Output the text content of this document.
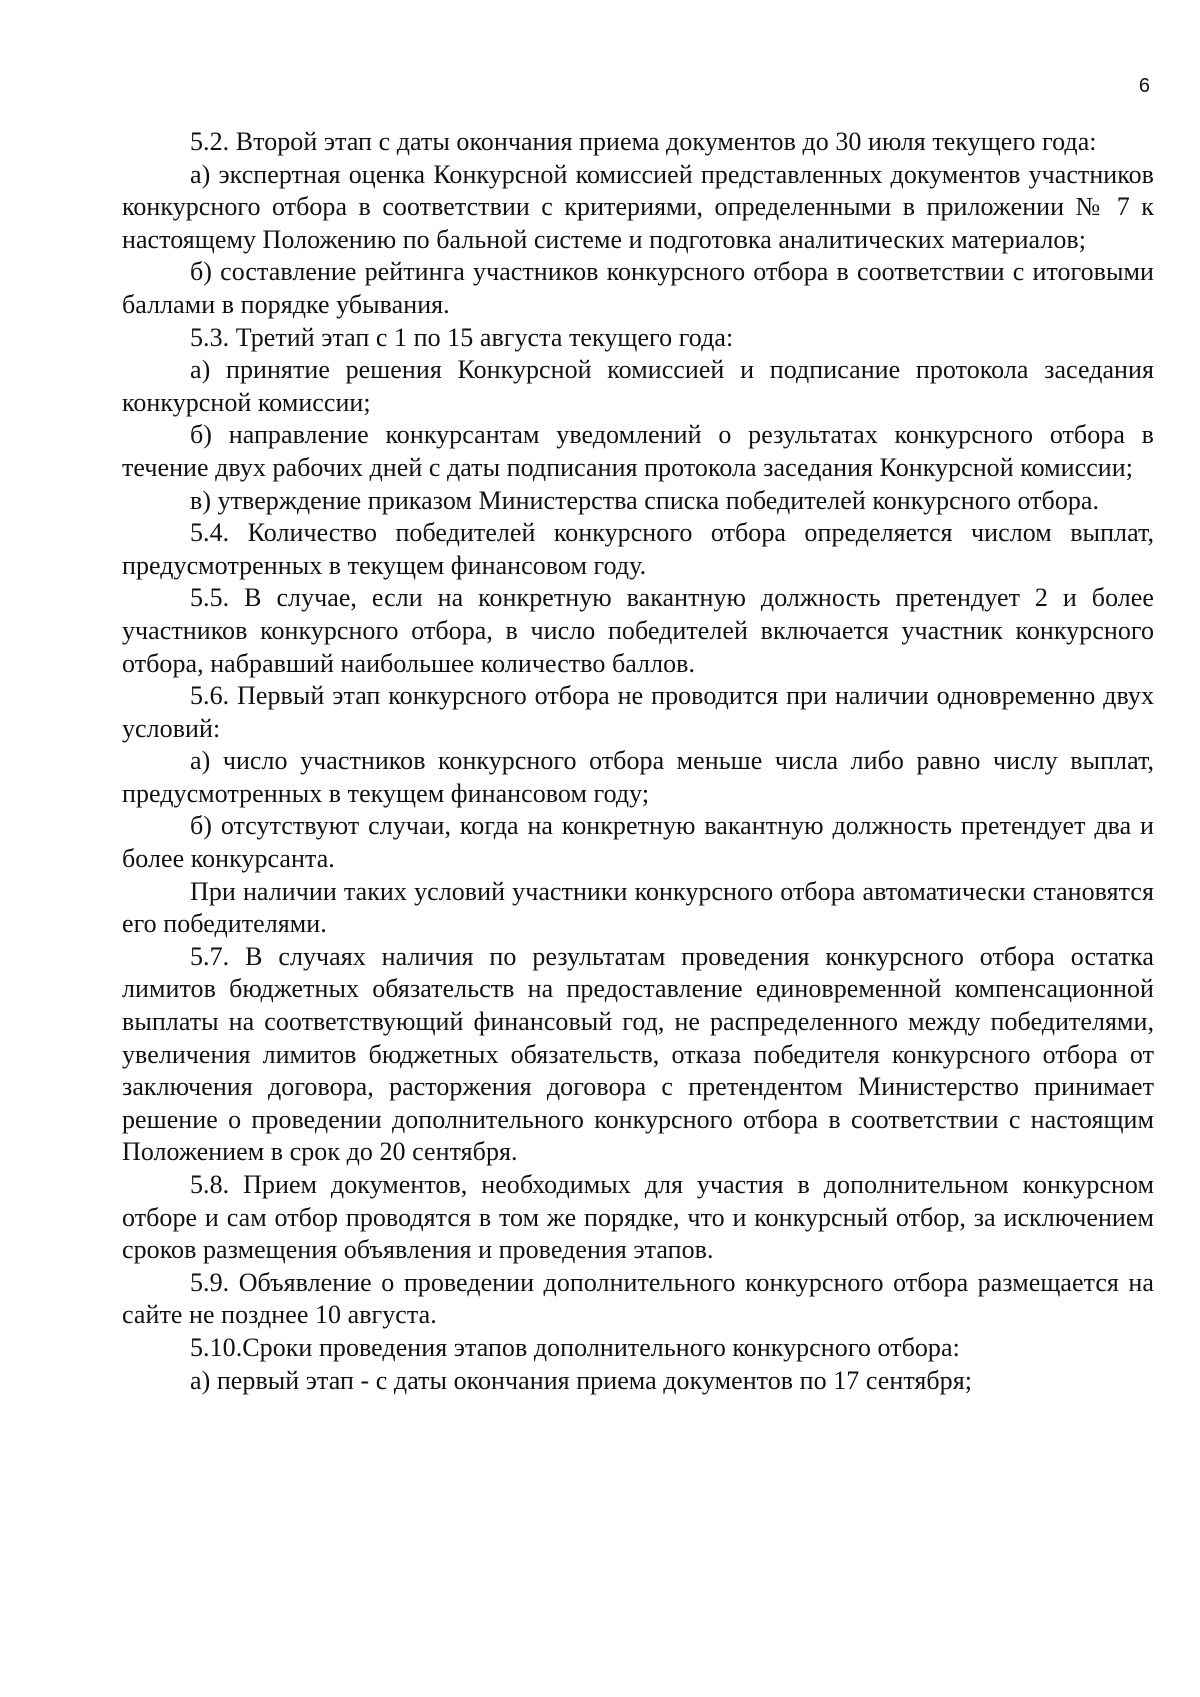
6

5.2. Второй этап с даты окончания приема документов до 30 июля текущего года:

а) экспертная оценка Конкурсной комиссией представленных документов участников конкурсного отбора в соответствии с критериями, определенными в приложении № 7 к настоящему Положению по бальной системе и подготовка аналитических материалов;

б) составление рейтинга участников конкурсного отбора в соответствии с итоговыми баллами в порядке убывания.

5.3. Третий этап с 1 по 15 августа текущего года:

а) принятие решения Конкурсной комиссией и подписание протокола заседания конкурсной комиссии;

б) направление конкурсантам уведомлений о результатах конкурсного отбора в течение двух рабочих дней с даты подписания протокола заседания Конкурсной комиссии;

в) утверждение приказом Министерства списка победителей конкурсного отбора.

5.4. Количество победителей конкурсного отбора определяется числом выплат, предусмотренных в текущем финансовом году.

5.5. В случае, если на конкретную вакантную должность претендует 2 и более участников конкурсного отбора, в число победителей включается участник конкурсного отбора, набравший наибольшее количество баллов.

5.6. Первый этап конкурсного отбора не проводится при наличии одновременно двух условий:

а) число участников конкурсного отбора меньше числа либо равно числу выплат, предусмотренных в текущем финансовом году;

б) отсутствуют случаи, когда на конкретную вакантную должность претендует два и более конкурсанта.

При наличии таких условий участники конкурсного отбора автоматически становятся его победителями.

5.7. В случаях наличия по результатам проведения конкурсного отбора остатка лимитов бюджетных обязательств на предоставление единовременной компенсационной выплаты на соответствующий финансовый год, не распределенного между победителями, увеличения лимитов бюджетных обязательств, отказа победителя конкурсного отбора от заключения договора, расторжения договора с претендентом Министерство принимает решение о проведении дополнительного конкурсного отбора в соответствии с настоящим Положением в срок до 20 сентября.

5.8. Прием документов, необходимых для участия в дополнительном конкурсном отборе и сам отбор проводятся в том же порядке, что и конкурсный отбор, за исключением сроков размещения объявления и проведения этапов.

5.9. Объявление о проведении дополнительного конкурсного отбора размещается на сайте не позднее 10 августа.

5.10.Сроки проведения этапов дополнительного конкурсного отбора:

а) первый этап - с даты окончания приема документов по 17 сентября;
